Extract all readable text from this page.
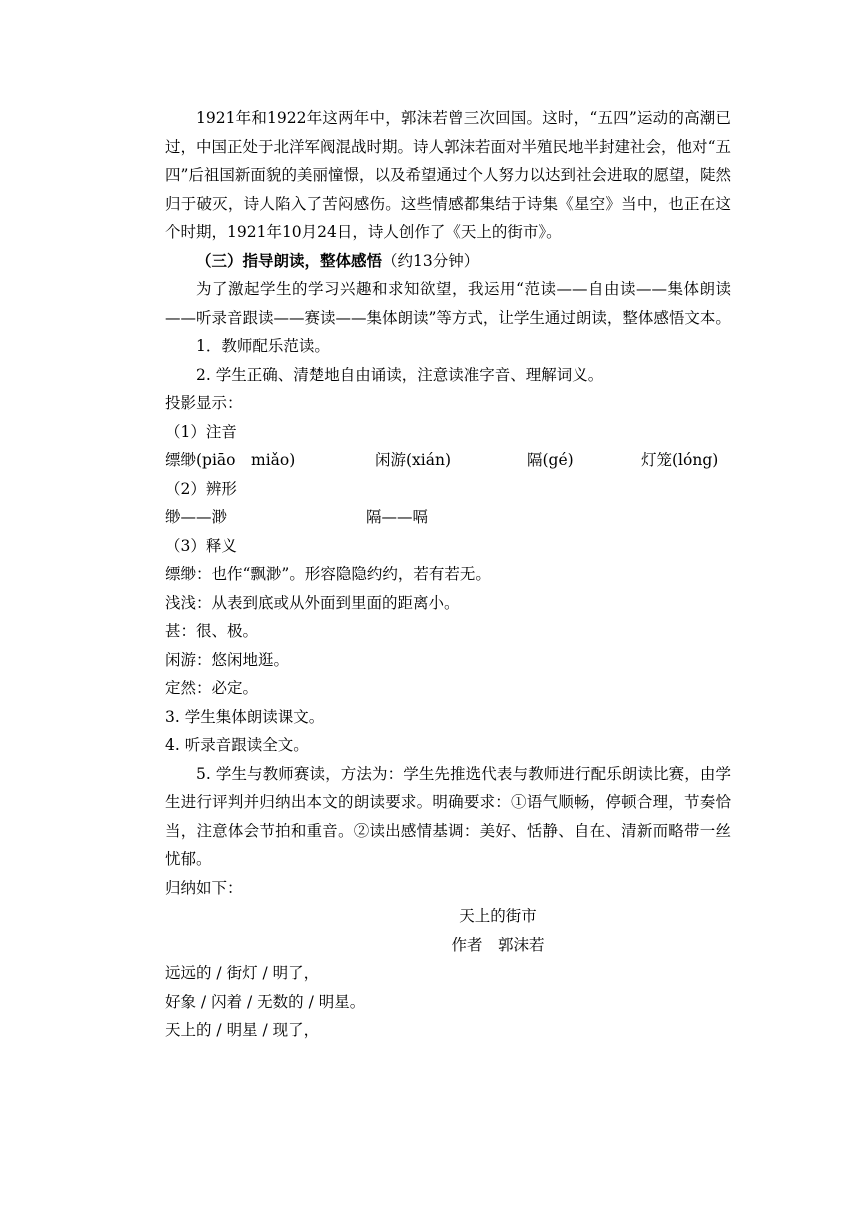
1921年和1922年这两年中，郭沫若曾三次回国。这时，“五四”运动的高潮已过，中国正处于北洋军阀混战时期。诗人郭沫若面对半殖民地半封建社会，他对“五四”后祖国新面貌的美丽憧憬，以及希望通过个人努力以达到社会进取的愿望，陡然归于破灭，诗人陷入了苦闷感伤。这些情感都集结于诗集《星空》当中，也正在这个时期，1921年10月24日，诗人创作了《天上的街市》。

（三）指导朗读，整体感悟（约13分钟）

为了激起学生的学习兴趣和求知欲望，我运用“范读——自由读——集体朗读——听录音跟读——赛读——集体朗读”等方式，让学生通过朗读，整体感悟文本。

1．教师配乐范读。

2. 学生正确、清楚地自由诵读，注意读准字音、理解词义。

投影显示：

（1）注音

缥缈(piāo　miǎo)	闲游(xián)	隔(gé)	灯笼(lóng)

（2）辨形

缈——渺	隔——嗝

（3）释义

缥缈：也作“飘渺”。形容隐隐约约，若有若无。

浅浅：从表到底或从外面到里面的距离小。

甚：很、极。

闲游：悠闲地逛。

定然：必定。

3. 学生集体朗读课文。

4. 听录音跟读全文。

5. 学生与教师赛读，方法为：学生先推选代表与教师进行配乐朗读比赛，由学生进行评判并归纳出本文的朗读要求。明确要求：①语气顺畅，停顿合理，节奏恰当，注意体会节拍和重音。②读出感情基调：美好、恬静、自在、清新而略带一丝忧郁。

归纳如下：

天上的街市

作者　郭沫若

远远的 / 街灯 / 明了，

好象 / 闪着 / 无数的 / 明星。

天上的 / 明星 / 现了，
